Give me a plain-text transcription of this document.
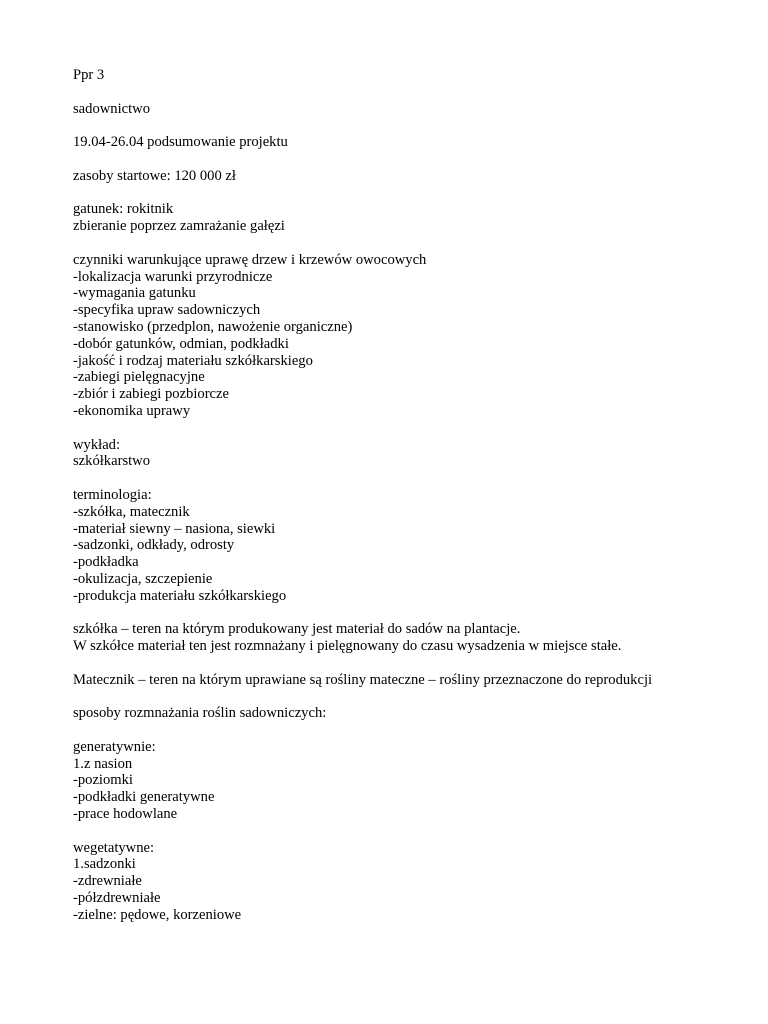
Ppr 3
sadownictwo
19.04-26.04 podsumowanie projektu
zasoby startowe: 120 000 zł
gatunek: rokitnik
zbieranie poprzez zamrażanie gałęzi
czynniki warunkujące uprawę drzew i krzewów owocowych
-lokalizacja warunki przyrodnicze
-wymagania gatunku
-specyfika upraw sadowniczych
-stanowisko (przedplon, nawożenie organiczne)
-dobór gatunków, odmian, podkładki
-jakość i rodzaj materiału szkółkarskiego
-zabiegi pielęgnacyjne
-zbiór i zabiegi pozbiorcze
-ekonomika uprawy
wykład:
szkółkarstwo
terminologia:
-szkółka, matecznik
-materiał siewny – nasiona, siewki
-sadzonki, odkłady, odrosty
-podkładka
-okulizacja, szczepienie
-produkcja materiału szkółkarskiego
szkółka – teren na którym produkowany jest materiał do sadów na plantacje.
W szkółce materiał ten jest rozmnażany i pielęgnowany do czasu wysadzenia w miejsce stałe.
Matecznik – teren na którym uprawiane są rośliny mateczne – rośliny przeznaczone do reprodukcji
sposoby rozmnażania roślin sadowniczych:
generatywnie:
1.z nasion
-poziomki
-podkładki generatywne
-prace hodowlane
wegetatywne:
1.sadzonki
-zdrewniałe
-półzdrewniałe
-zielne: pędowe, korzeniowe
